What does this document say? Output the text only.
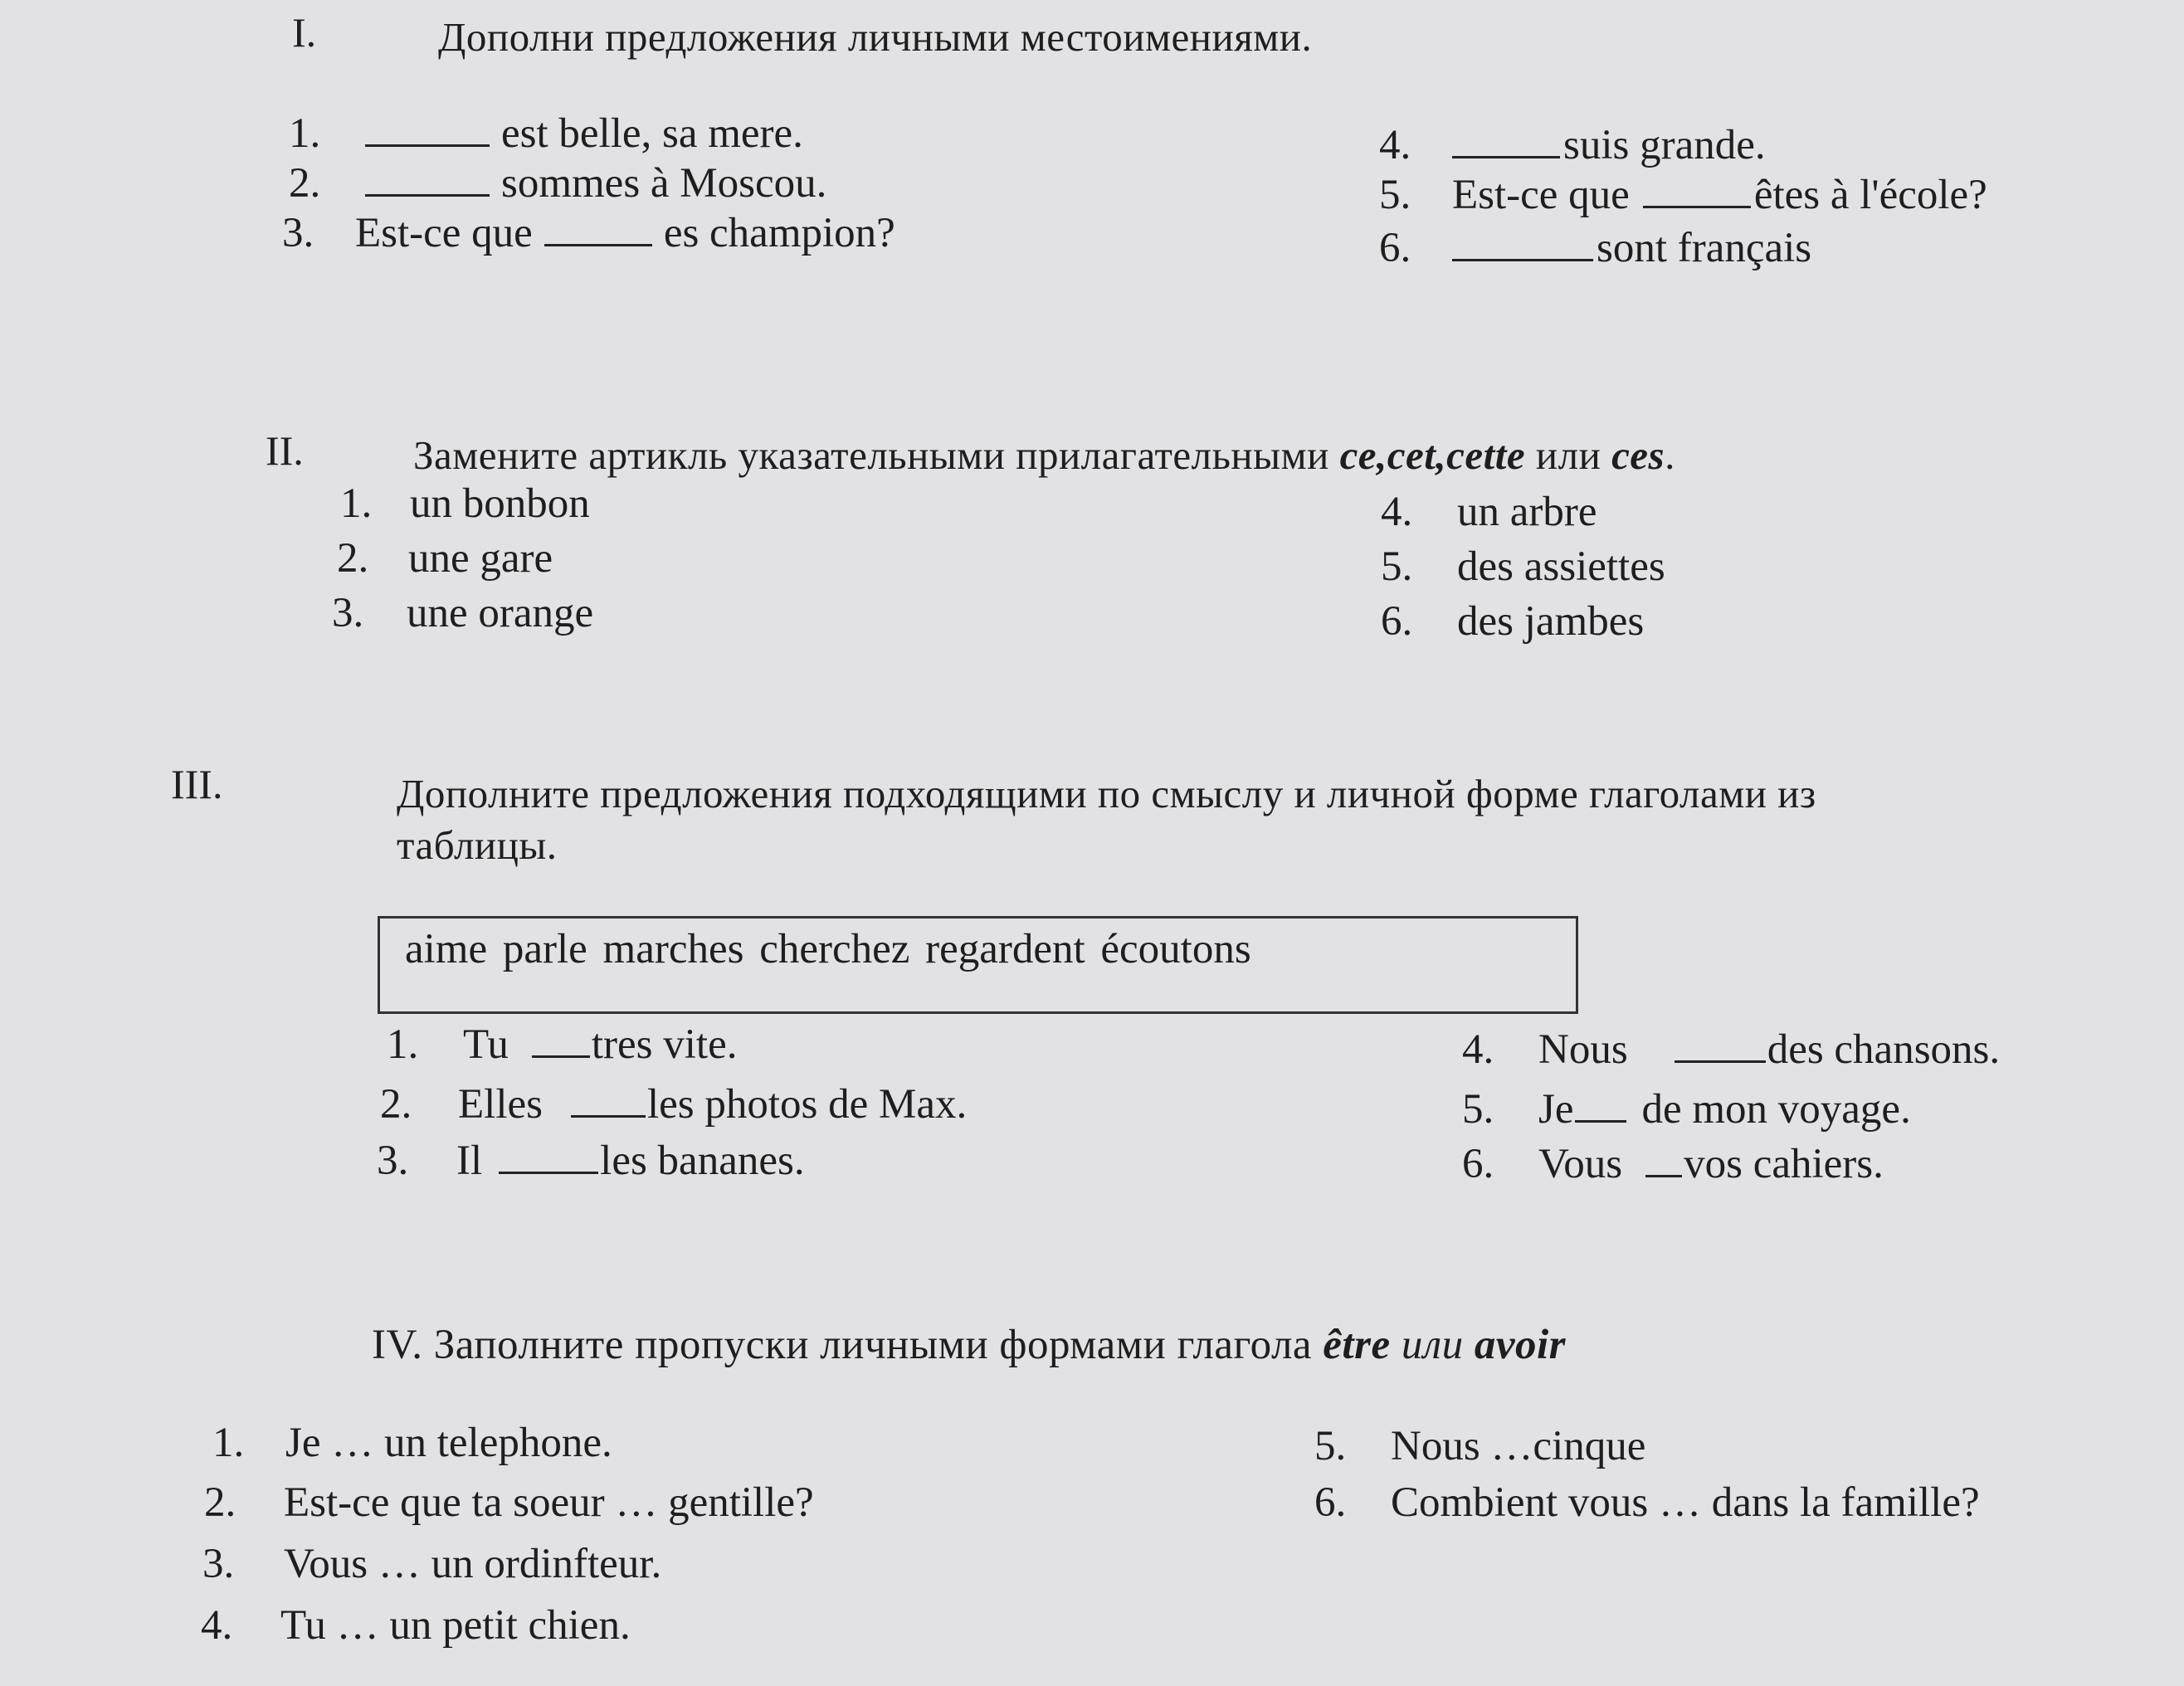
I.	Дополни предложения личными местоимениями.
1.	est belle, sa mere.
2.	sommes à Moscou.
3. Est-ce que	es champion?
4.	suis grande.
5. Est-ce que	êtes à l'école?
6.	sont français
II.	Замените артикль указательными прилагательными ce,cet,cette или ces.
1. un bonbon
2. une gare
3. une orange
4. un arbre
5. des assiettes
6. des jambes
III.	Дополните предложения подходящими по смыслу и личной форме глаголами из
таблицы.
aime parle marches cherchez regardent écoutons
1. Tu tres vite.
2. Elles les photos de Max.
3. Il	les bananes.
4. Nous	des chansons.
5. Je de mon voyage.
6. Vous vos cahiers.
IV. Заполните пропуски личными формами глагола être или avoir
1. Je … un telephone.
2. Est-ce que ta soeur … gentille?
3. Vous … un ordinfteur.
4. Tu … un petit chien.
5. Nous …cinque
6. Combient vous … dans la famille?
